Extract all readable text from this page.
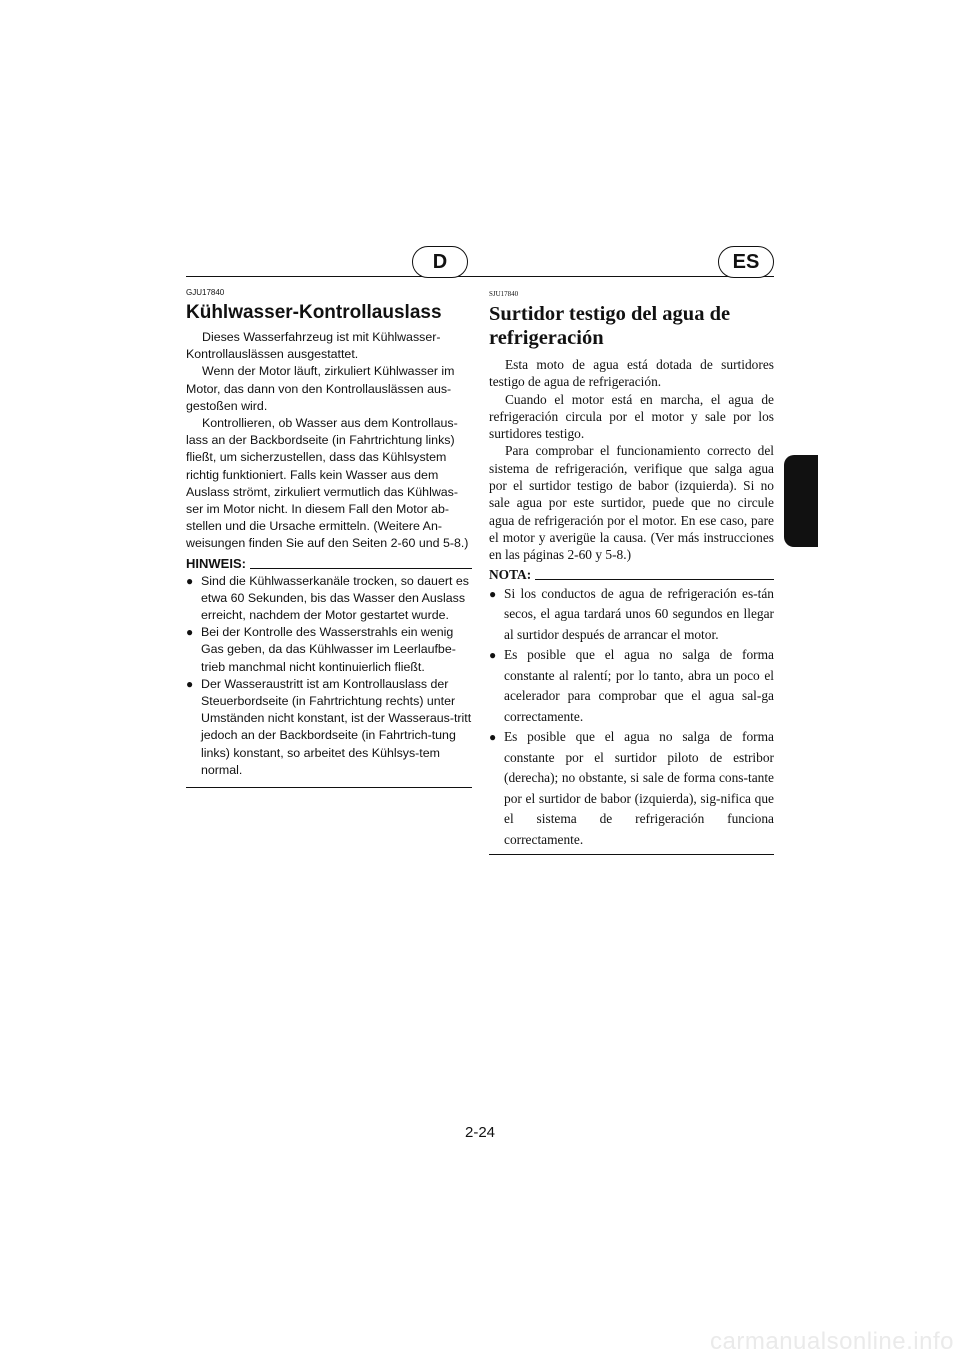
D	ES
GJU17840
Kühlwasser-Kontrollauslass

Dieses Wasserfahrzeug ist mit Kühlwasser-Kontrollauslässen ausgestattet.

Wenn der Motor läuft, zirkuliert Kühlwasser im Motor, das dann von den Kontrollauslässen aus-gestoßen wird.

Kontrollieren, ob Wasser aus dem Kontrollaus-lass an der Backbordseite (in Fahrtrichtung links) fließt, um sicherzustellen, dass das Kühlsystem richtig funktioniert. Falls kein Wasser aus dem Auslass strömt, zirkuliert vermutlich das Kühlwas-ser im Motor nicht. In diesem Fall den Motor ab-stellen und die Ursache ermitteln. (Weitere An-weisungen finden Sie auf den Seiten 2-60 und 5-8.)

HINWEIS:
● Sind die Kühlwasserkanäle trocken, so dauert es etwa 60 Sekunden, bis das Wasser den Auslass erreicht, nachdem der Motor gestartet wurde.
● Bei der Kontrolle des Wasserstrahls ein wenig Gas geben, da das Kühlwasser im Leerlaufbe-trieb manchmal nicht kontinuierlich fließt.
● Der Wasseraustritt ist am Kontrollauslass der Steuerbordseite (in Fahrtrichtung rechts) unter Umständen nicht konstant, ist der Wasseraus-tritt jedoch an der Backbordseite (in Fahrtrich-tung links) konstant, so arbeitet des Kühlsys-tem normal.
SJU17840
Surtidor testigo del agua de refrigeración

Esta moto de agua está dotada de surtidores testigo de agua de refrigeración.

Cuando el motor está en marcha, el agua de refrigeración circula por el motor y sale por los surtidores testigo.

Para comprobar el funcionamiento correcto del sistema de refrigeración, verifique que salga agua por el surtidor testigo de babor (izquierda). Si no sale agua por este surtidor, puede que no circule agua de refrigeración por el motor. En ese caso, pare el motor y averigüe la causa. (Ver más instrucciones en las páginas 2-60 y 5-8.)

NOTA:
● Si los conductos de agua de refrigeración es-tán secos, el agua tardará unos 60 segundos en llegar al surtidor después de arrancar el motor.
● Es posible que el agua no salga de forma constante al ralentí; por lo tanto, abra un poco el acelerador para comprobar que el agua sal-ga correctamente.
● Es posible que el agua no salga de forma constante por el surtidor piloto de estribor (derecha); no obstante, si sale de forma cons-tante por el surtidor de babor (izquierda), sig-nifica que el sistema de refrigeración funciona correctamente.
2-24
carmanualsonline.info
